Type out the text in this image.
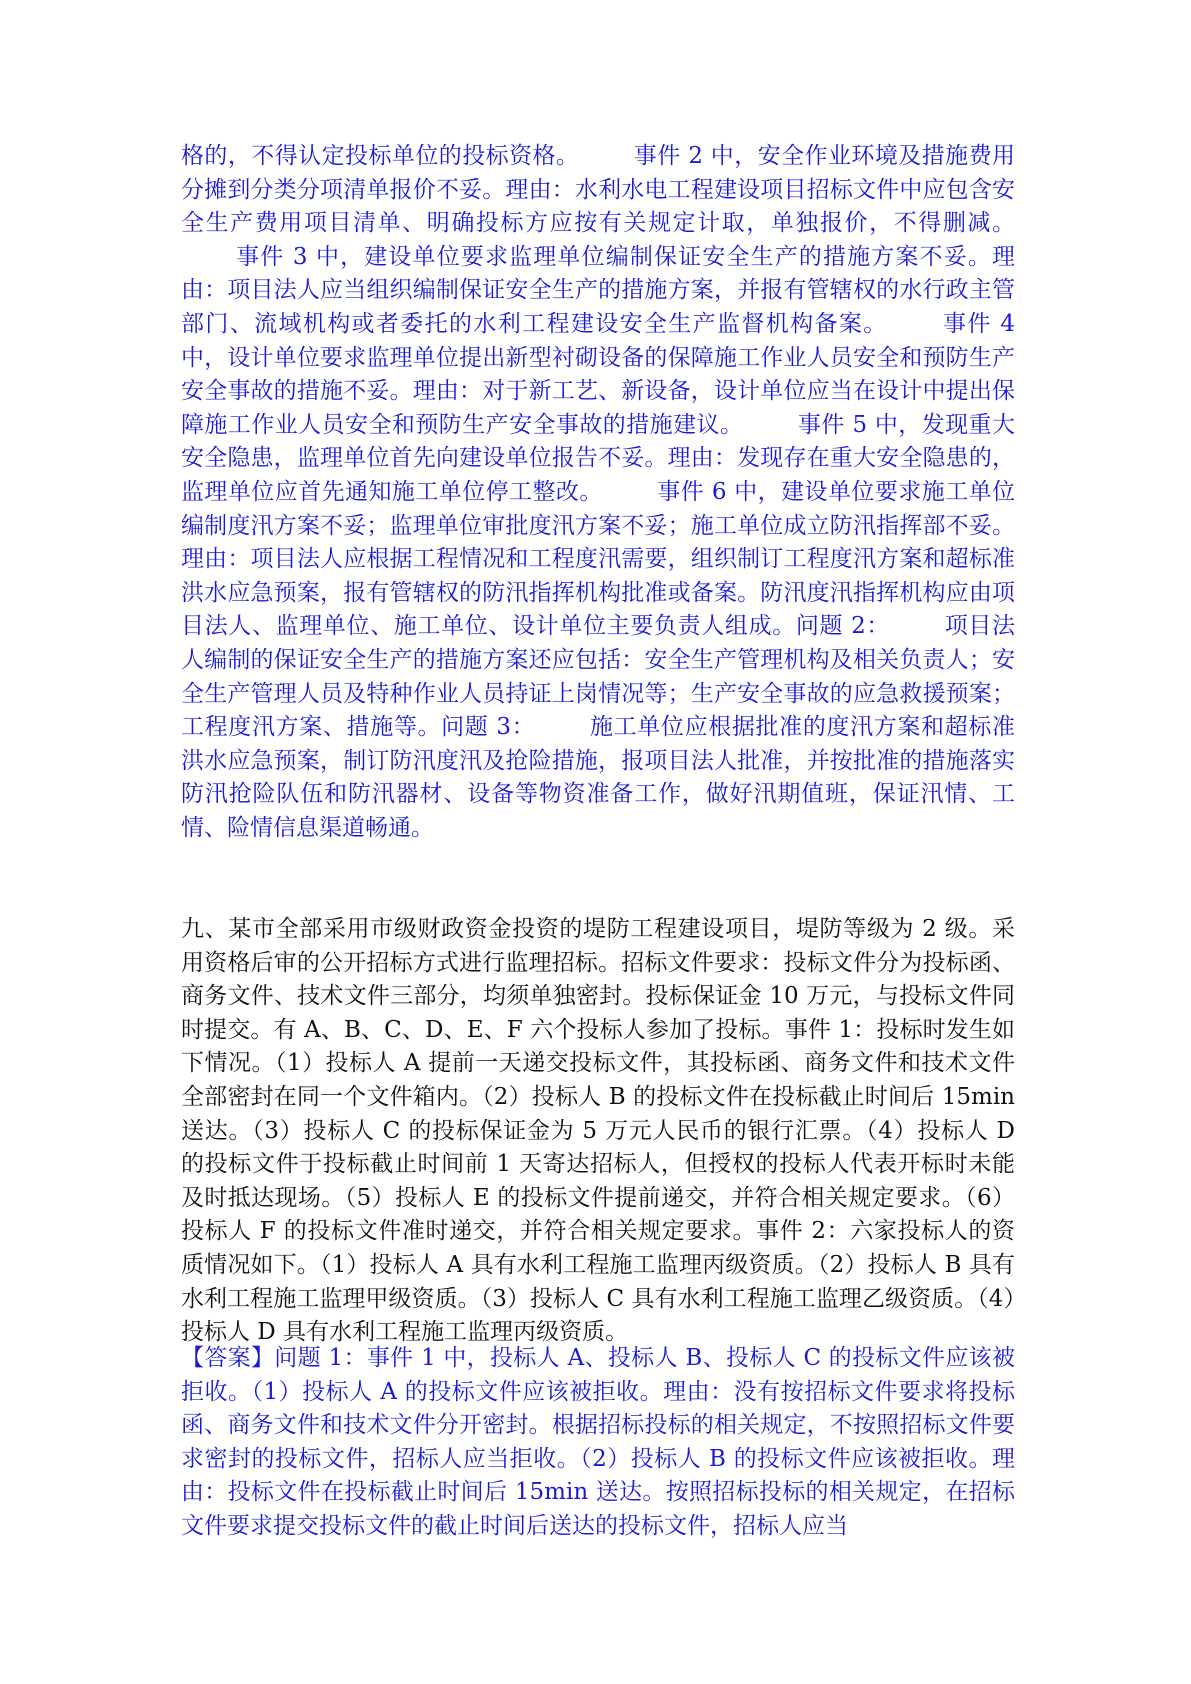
格的，不得认定投标单位的投标资格。 事件 2 中，安全作业环境及措施费用分摊到分类分项清单报价不妥。理由：水利水电工程建设项目招标文件中应包含安全生产费用项目清单、明确投标方应按有关规定计取，单独报价，不得删减。事件 3 中，建设单位要求监理单位编制保证安全生产的措施方案不妥。理由：项目法人应当组织编制保证安全生产的措施方案，并报有管辖权的水行政主管部门、流域机构或者委托的水利工程建设安全生产监督机构备案。 事件 4 中，设计单位要求监理单位提出新型衬砌设备的保障施工作业人员安全和预防生产安全事故的措施不妥。理由：对于新工艺、新设备，设计单位应当在设计中提出保障施工作业人员安全和预防生产安全事故的措施建议。 事件 5 中，发现重大安全隐患，监理单位首先向建设单位报告不妥。理由：发现存在重大安全隐患的，监理单位应首先通知施工单位停工整改。 事件 6 中，建设单位要求施工单位编制度汛方案不妥；监理单位审批度汛方案不妥；施工单位成立防汛指挥部不妥。理由：项目法人应根据工程情况和工程度汛需要，组织制订工程度汛方案和超标准洪水应急预案，报有管辖权的防汛指挥机构批准或备案。防汛度汛指挥机构应由项目法人、监理单位、施工单位、设计单位主要负责人组成。问题 2： 项目法人编制的保证安全生产的措施方案还应包括：安全生产管理机构及相关负责人；安全生产管理人员及特种作业人员持证上岗情况等；生产安全事故的应急救援预案；工程度汛方案、措施等。问题 3： 施工单位应根据批准的度汛方案和超标准洪水应急预案，制订防汛度汛及抢险措施，报项目法人批准，并按批准的措施落实防汛抢险队伍和防汛器材、设备等物资准备工作，做好汛期值班，保证汛情、工情、险情信息渠道畅通。

九、某市全部采用市级财政资金投资的堤防工程建设项目，堤防等级为 2 级。采用资格后审的公开招标方式进行监理招标。招标文件要求：投标文件分为投标函、商务文件、技术文件三部分，均须单独密封。投标保证金 10 万元，与投标文件同时提交。有 A、B、C、D、E、F 六个投标人参加了投标。事件 1：投标时发生如下情况。（1）投标人 A 提前一天递交投标文件，其投标函、商务文件和技术文件全部密封在同一个文件箱内。（2）投标人 B 的投标文件在投标截止时间后 15min 送达。（3）投标人 C 的投标保证金为 5 万元人民币的银行汇票。（4）投标人 D 的投标文件于投标截止时间前 1 天寄达招标人，但授权的投标人代表开标时未能及时抵达现场。（5）投标人 E 的投标文件提前递交，并符合相关规定要求。（6）投标人 F 的投标文件准时递交，并符合相关规定要求。事件 2：六家投标人的资质情况如下。（1）投标人 A 具有水利工程施工监理丙级资质。（2）投标人 B 具有水利工程施工监理甲级资质。（3）投标人 C 具有水利工程施工监理乙级资质。（4）投标人 D 具有水利工程施工监理丙级资质。

【答案】问题 1：事件 1 中，投标人 A、投标人 B、投标人 C 的投标文件应该被拒收。（1）投标人 A 的投标文件应该被拒收。理由：没有按招标文件要求将投标函、商务文件和技术文件分开密封。根据招标投标的相关规定，不按照招标文件要求密封的投标文件，招标人应当拒收。（2）投标人 B 的投标文件应该被拒收。理由：投标文件在投标截止时间后 15min 送达。按照招标投标的相关规定，在招标文件要求提交投标文件的截止时间后送达的投标文件，招标人应当
